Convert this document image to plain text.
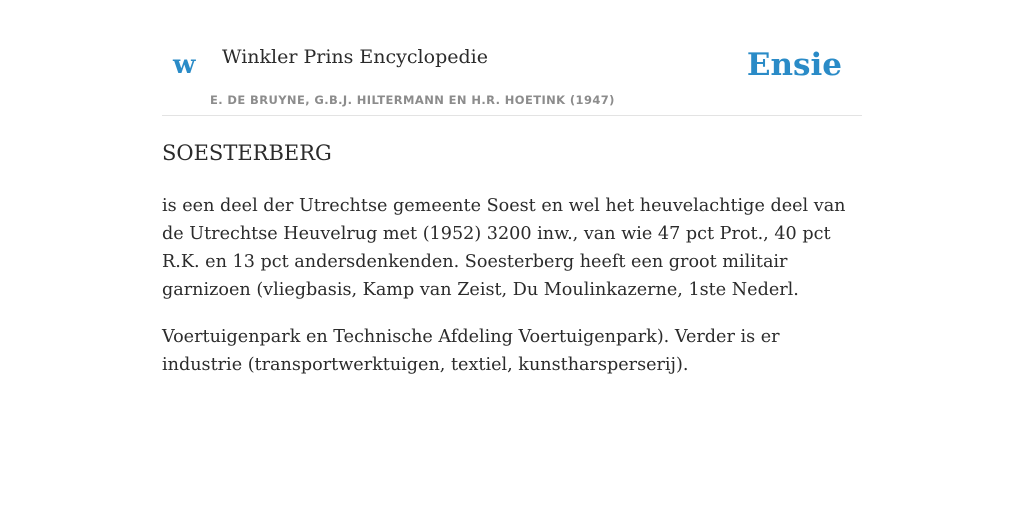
w Winkler Prins Encyclopedie
E. DE BRUYNE, G.B.J. HILTERMANN EN H.R. HOETINK (1947)
Ensie
SOESTERBERG

is een deel der Utrechtse gemeente Soest en wel het heuvelachtige deel van de Utrechtse Heuvelrug met (1952) 3200 inw., van wie 47 pct Prot., 40 pct R.K. en 13 pct andersdenkenden. Soesterberg heeft een groot militair garnizoen (vliegbasis, Kamp van Zeist, Du Moulinkazerne, 1ste Nederl.

Voertuigenpark en Technische Afdeling Voertuigenpark). Verder is er industrie (transportwerktuigen, textiel, kunstharsperserij).
